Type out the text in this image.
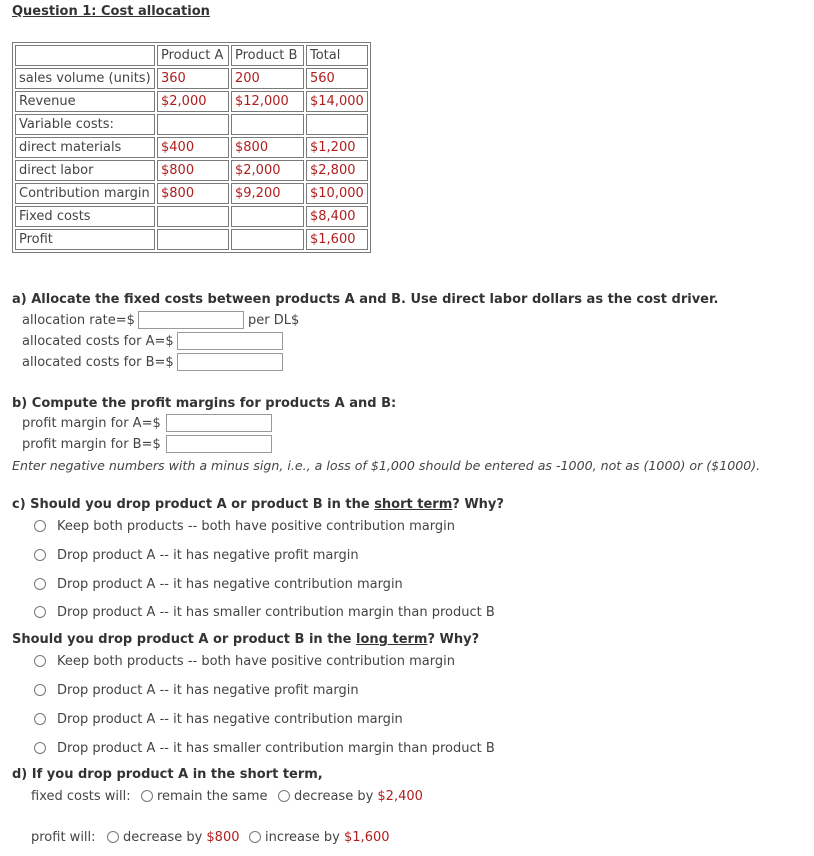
Question 1: Cost allocation
	Product A	Product B	Total
sales volume (units)	360	200	560
Revenue	$2,000	$12,000	$14,000
Variable costs:			
direct materials	$400	$800	$1,200
direct labor	$800	$2,000	$2,800
Contribution margin	$800	$9,200	$10,000
Fixed costs			$8,400
Profit			$1,600
a) Allocate the fixed costs between products A and B. Use direct labor dollars as the cost driver.
allocation rate=$	per DL$
allocated costs for A=$
allocated costs for B=$
b) Compute the profit margins for products A and B:
profit margin for A=$
profit margin for B=$
Enter negative numbers with a minus sign, i.e., a loss of $1,000 should be entered as -1000, not as (1000) or ($1000).
c) Should you drop product A or product B in the short term? Why?
Keep both products -- both have positive contribution margin
Drop product A -- it has negative profit margin
Drop product A -- it has negative contribution margin
Drop product A -- it has smaller contribution margin than product B
Should you drop product A or product B in the long term? Why?
Keep both products -- both have positive contribution margin
Drop product A -- it has negative profit margin
Drop product A -- it has negative contribution margin
Drop product A -- it has smaller contribution margin than product B
d) If you drop product A in the short term,
fixed costs will: remain the same decrease by $2,400
profit will: decrease by $800 increase by $1,600
